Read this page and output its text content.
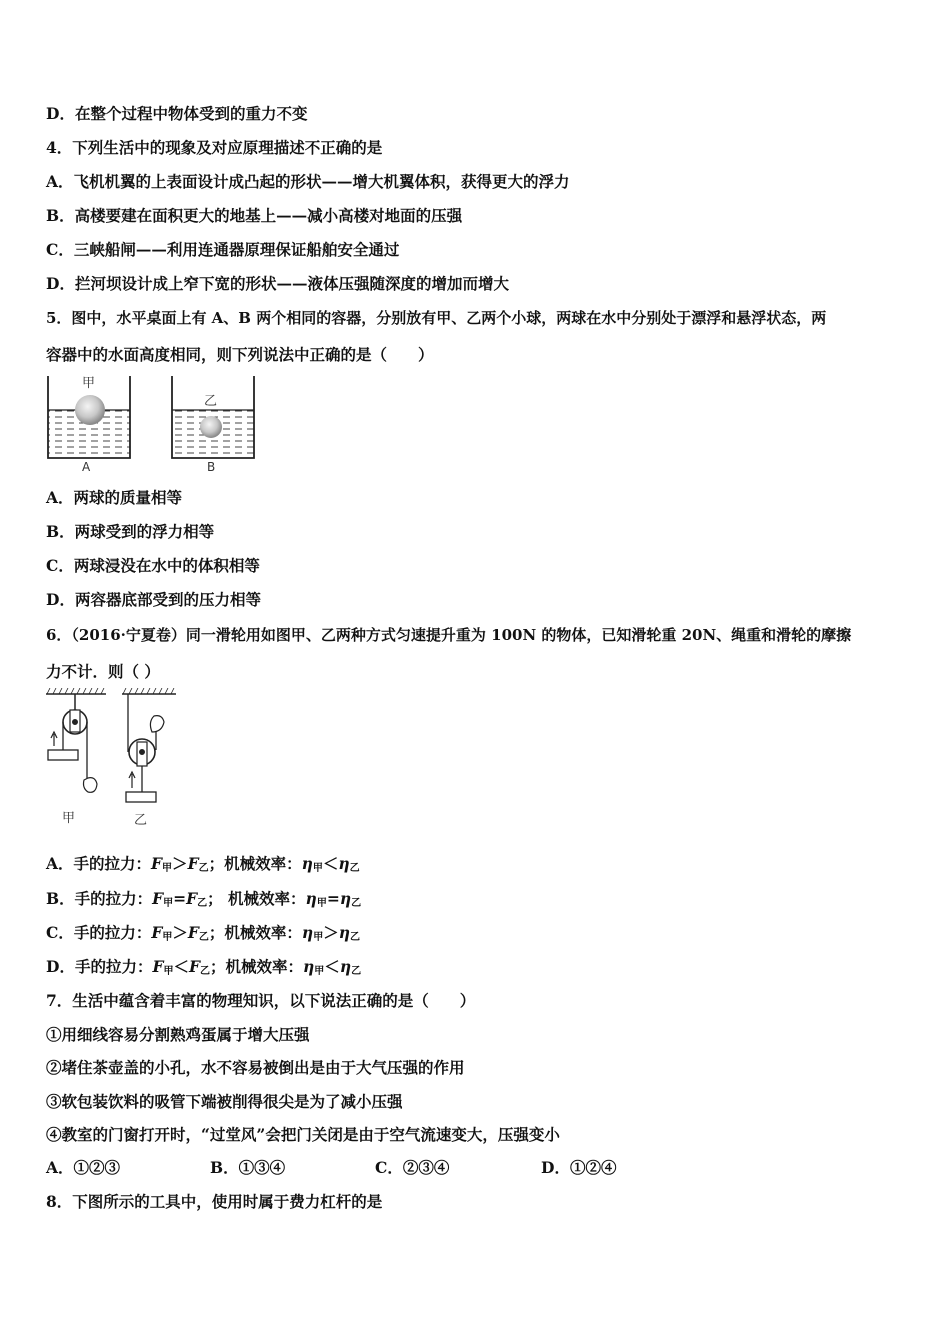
D．在整个过程中物体受到的重力不变
4．下列生活中的现象及对应原理描述不正确的是
A．飞机机翼的上表面设计成凸起的形状——增大机翼体积，获得更大的浮力
B．高楼要建在面积更大的地基上——减小高楼对地面的压强
C．三峡船闸——利用连通器原理保证船舶安全通过
D．拦河坝设计成上窄下宽的形状——液体压强随深度的增加而增大
5．图中，水平桌面上有 A、B 两个相同的容器，分别放有甲、乙两个小球，两球在水中分别处于漂浮和悬浮状态，两
容器中的水面高度相同，则下列说法中正确的是（　　）
甲
A
乙
B
A．两球的质量相等
B．两球受到的浮力相等
C．两球浸没在水中的体积相等
D．两容器底部受到的压力相等
6．（2016·宁夏卷）同一滑轮用如图甲、乙两种方式匀速提升重为 100N 的物体，已知滑轮重 20N、绳重和滑轮的摩擦
力不计．则（ ）
甲	乙
A．手的拉力：$F_甲>F_乙$；机械效率：$\eta_甲<\eta_乙$
B．手的拉力：$F_甲=F_乙$； 机械效率：$\eta_甲=\eta_乙$
C．手的拉力：$F_甲>F_乙$；机械效率：$\eta_甲>\eta_乙$
D．手的拉力：$F_甲<F_乙$；机械效率：$\eta_甲<\eta_乙$
7．生活中蕴含着丰富的物理知识，以下说法正确的是（　　）
①用细线容易分割熟鸡蛋属于增大压强
②堵住茶壶盖的小孔，水不容易被倒出是由于大气压强的作用
③软包装饮料的吸管下端被削得很尖是为了减小压强
④教室的门窗打开时，“过堂风”会把门关闭是由于空气流速变大，压强变小
A．①②③	B．①③④	C．②③④	D．①②④
8．下图所示的工具中，使用时属于费力杠杆的是
